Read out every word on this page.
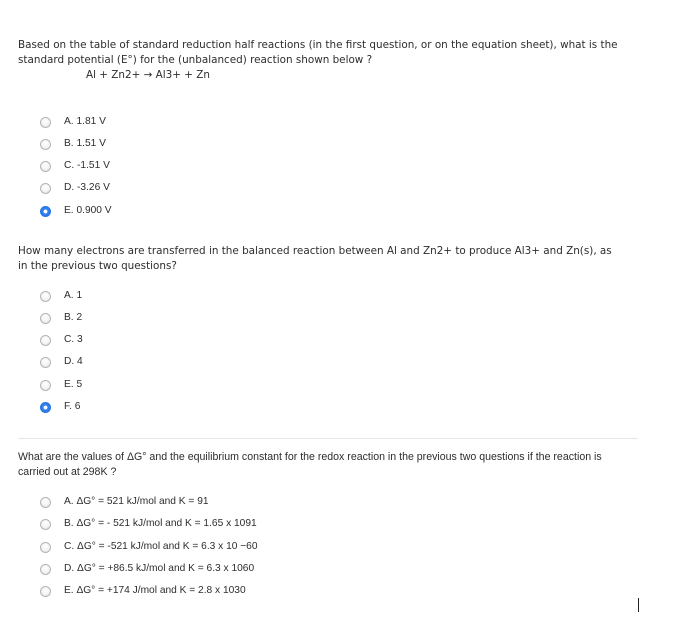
Based on the table of standard reduction half reactions (in the first question, or on the equation sheet), what is the standard potential (E°) for the (unbalanced) reaction shown below ?
Al + Zn2+ → Al3+ + Zn
A. 1.81 V
B. 1.51 V
C. -1.51 V
D. -3.26 V
E. 0.900 V
How many electrons are transferred in the balanced reaction between Al and Zn2+ to produce Al3+ and Zn(s), as in the previous two questions?
A. 1
B. 2
C. 3
D. 4
E. 5
F. 6
What are the values of ΔG° and the equilibrium constant for the redox reaction in the previous two questions if the reaction is carried out at 298K ?
A. ΔG° = 521 kJ/mol and K = 91
B. ΔG° = - 521 kJ/mol and K = 1.65 x 1091
C. ΔG° = -521 kJ/mol and K = 6.3 x 10 −60
D. ΔG° = +86.5 kJ/mol and K = 6.3 x 1060
E. ΔG° = +174 J/mol and K = 2.8 x 1030
